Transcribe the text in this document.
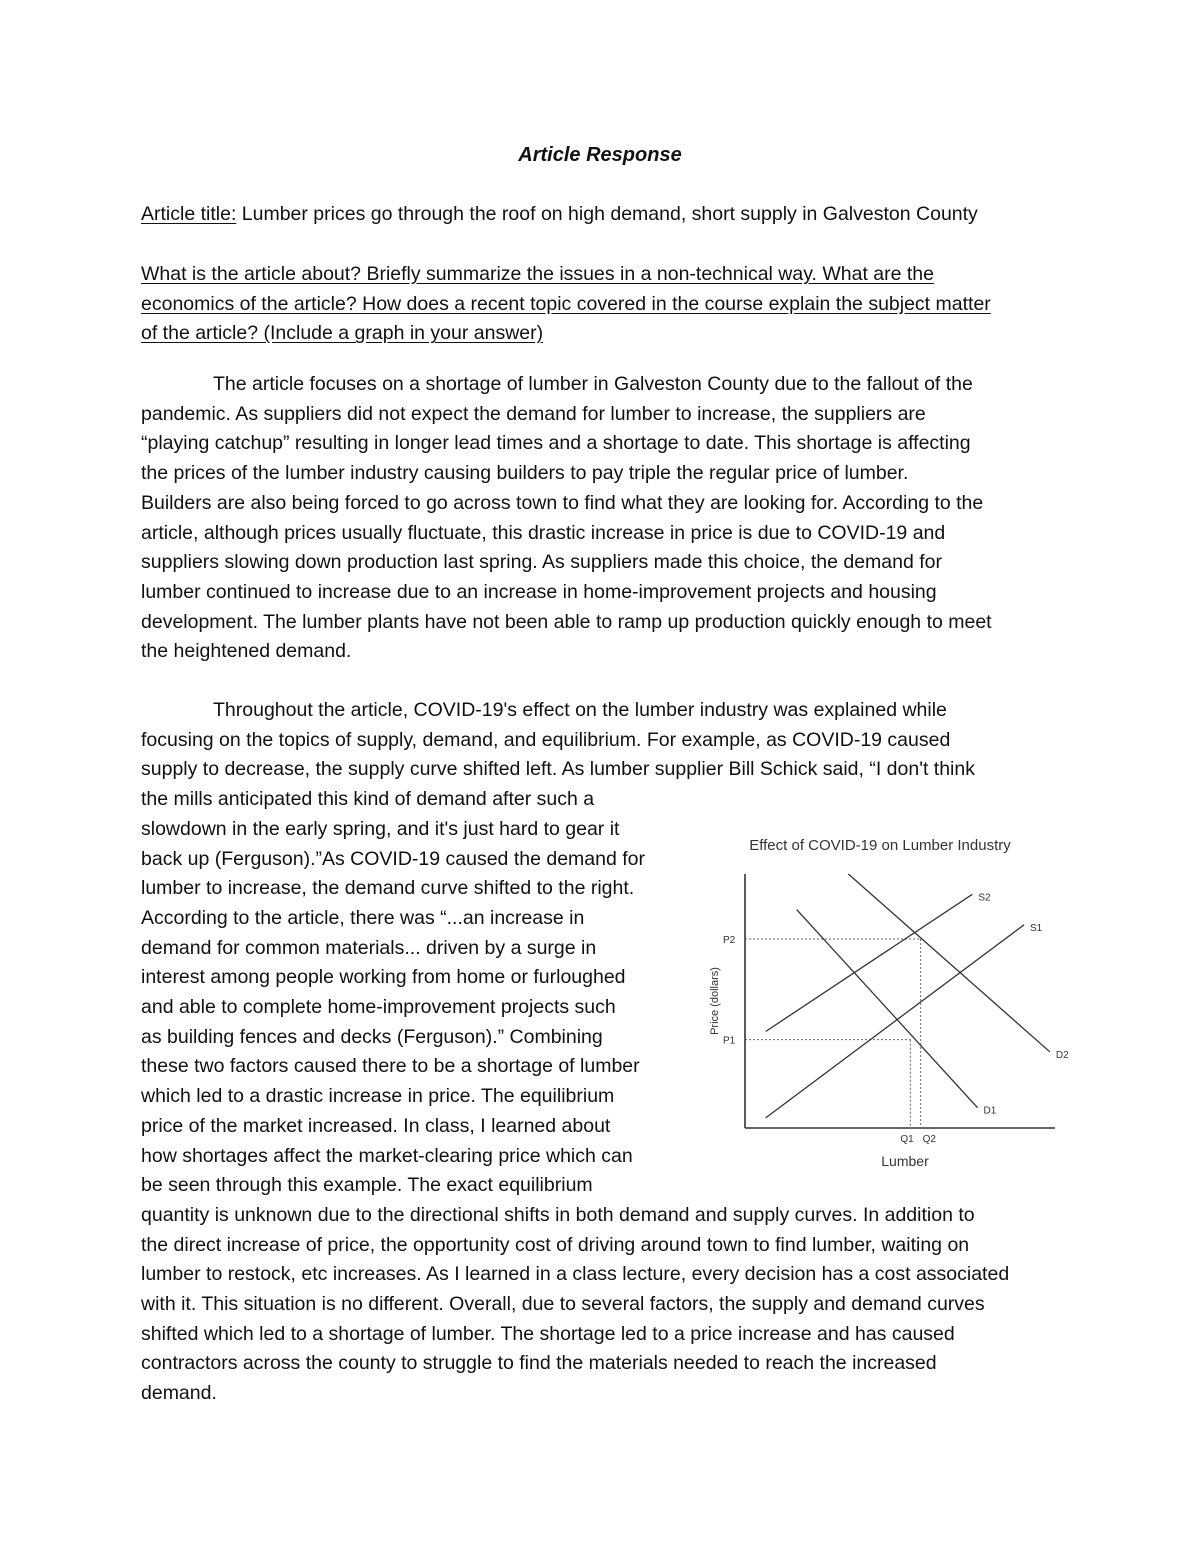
Article Response
Article title: Lumber prices go through the roof on high demand, short supply in Galveston County
What is the article about? Briefly summarize the issues in a non-technical way. What are the
economics of the article? How does a recent topic covered in the course explain the subject matter
of the article? (Include a graph in your answer)
The article focuses on a shortage of lumber in Galveston County due to the fallout of the
pandemic. As suppliers did not expect the demand for lumber to increase, the suppliers are
“playing catchup” resulting in longer lead times and a shortage to date. This shortage is affecting
the prices of the lumber industry causing builders to pay triple the regular price of lumber.
Builders are also being forced to go across town to find what they are looking for. According to the
article, although prices usually fluctuate, this drastic increase in price is due to COVID-19 and
suppliers slowing down production last spring. As suppliers made this choice, the demand for
lumber continued to increase due to an increase in home-improvement projects and housing
development. The lumber plants have not been able to ramp up production quickly enough to meet
the heightened demand.
Throughout the article, COVID-19's effect on the lumber industry was explained while
focusing on the topics of supply, demand, and equilibrium. For example, as COVID-19 caused
supply to decrease, the supply curve shifted left. As lumber supplier Bill Schick said, “I don't think
the mills anticipated this kind of demand after such a
slowdown in the early spring, and it's just hard to gear it
back up (Ferguson).”As COVID-19 caused the demand for
lumber to increase, the demand curve shifted to the right.
According to the article, there was “...an increase in
demand for common materials... driven by a surge in
interest among people working from home or furloughed
and able to complete home-improvement projects such
as building fences and decks (Ferguson).” Combining
these two factors caused there to be a shortage of lumber
which led to a drastic increase in price. The equilibrium
price of the market increased. In class, I learned about
how shortages affect the market-clearing price which can
be seen through this example. The exact equilibrium
quantity is unknown due to the directional shifts in both demand and supply curves. In addition to
the direct increase of price, the opportunity cost of driving around town to find lumber, waiting on
lumber to restock, etc increases. As I learned in a class lecture, every decision has a cost associated
with it. This situation is no different. Overall, due to several factors, the supply and demand curves
shifted which led to a shortage of lumber. The shortage led to a price increase and has caused
contractors across the county to struggle to find the materials needed to reach the increased
demand.
Effect of COVID-19 on Lumber Industry
Price (dollars)
Lumber
P1
Q1
P2
Q2
S1
S2
D1
D2
